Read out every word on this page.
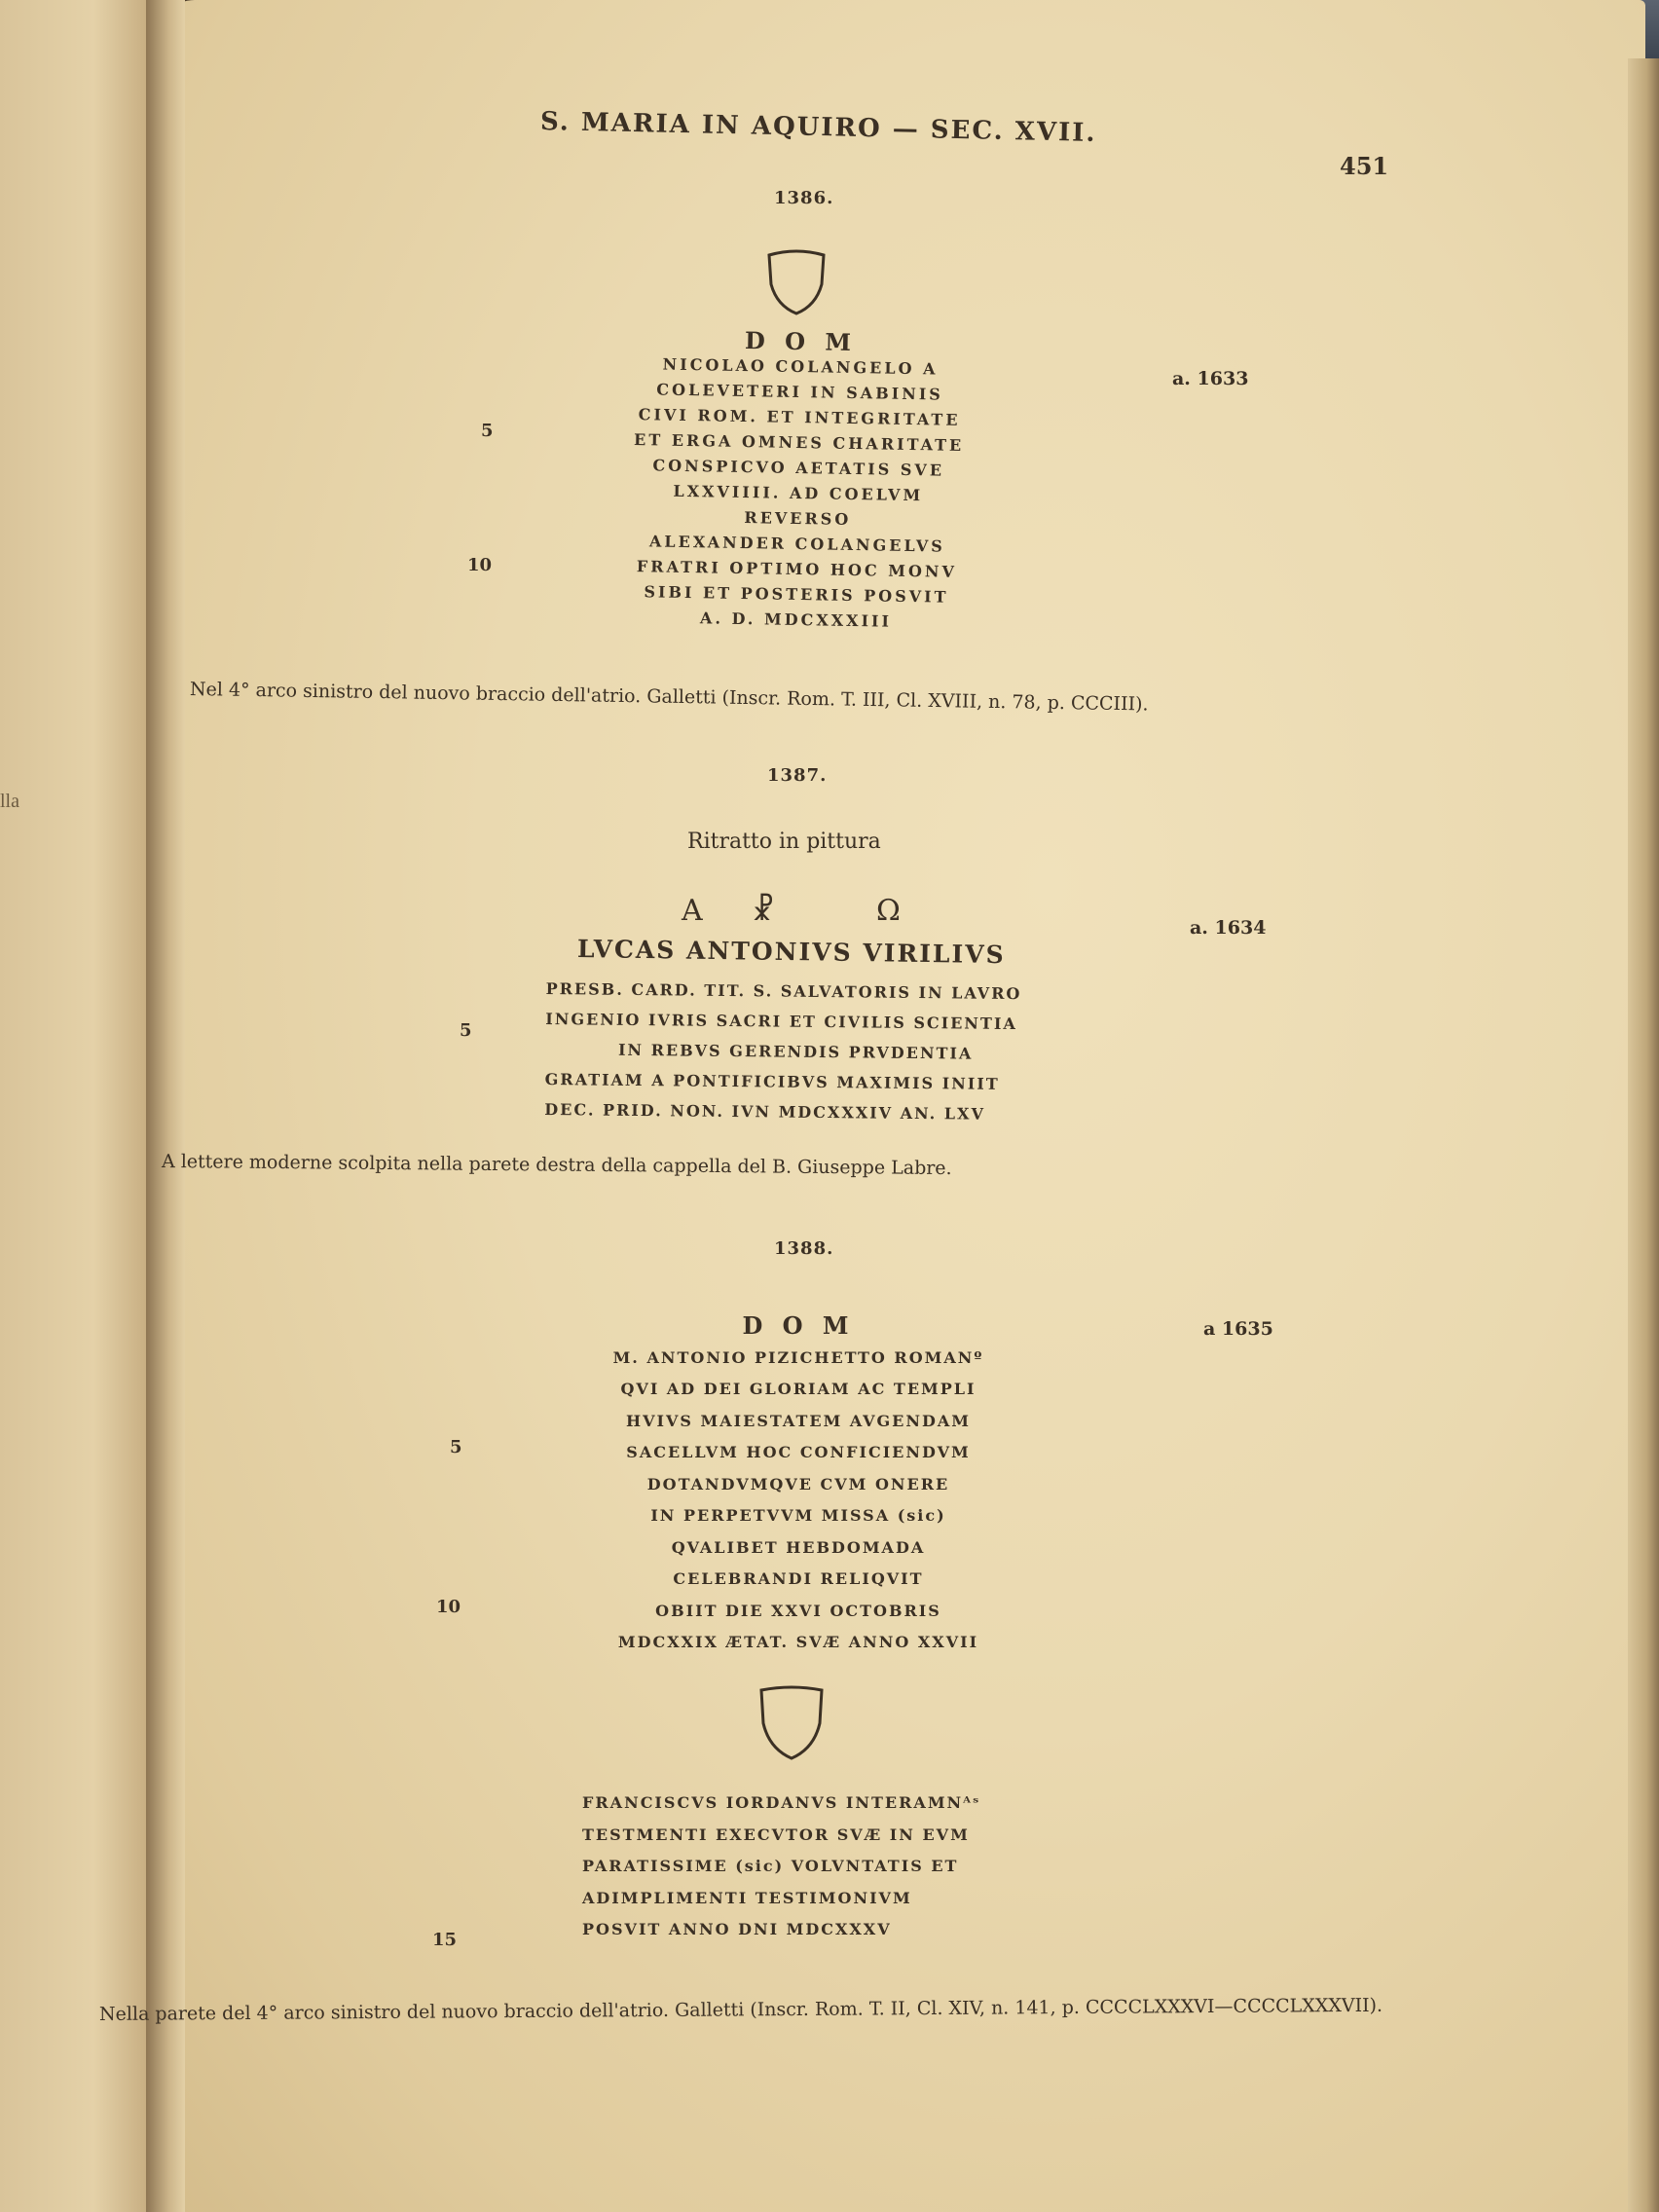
lla
S. MARIA IN AQUIRO — SEC. XVII.
451
1386.
a. 1633
5
10
D O M
NICOLAO COLANGELO A
COLEVETERI IN SABINIS
CIVI ROM. ET INTEGRITATE
ET ERGA OMNES CHARITATE
CONSPICVO AETATIS SVE
LXXVIIII. AD COELVM
REVERSO
ALEXANDER COLANGELVS
FRATRI OPTIMO HOC MONV
SIBI ET POSTERIS POSVIT
A. D. MDCXXXIII
Nel 4° arco sinistro del nuovo braccio dell'atrio. Galletti (Inscr. Rom. T. III, Cl. XVIII, n. 78, p. CCCIII).
1387.
Ritratto in pittura
Α ☧	Ω	a. 1634
LVCAS ANTONIVS VIRILIVS
5
PRESB. CARD. TIT. S. SALVATORIS IN LAVRO
INGENIO IVRIS SACRI ET CIVILIS SCIENTIA
IN REBVS GERENDIS PRVDENTIA
GRATIAM A PONTIFICIBVS MAXIMIS INIIT
DEC. PRID. NON. IVN MDCXXXIV AN. LXV
A lettere moderne scolpita nella parete destra della cappella del B. Giuseppe Labre.
1388.
a 1635
5
10
15
D O M
M. ANTONIO PIZICHETTO ROMANº
QVI AD DEI GLORIAM AC TEMPLI
HVIVS MAIESTATEM AVGENDAM
SACELLVM HOC CONFICIENDVM
DOTANDVMQVE CVM ONERE
IN PERPETVVM MISSA (sic)
QVALIBET HEBDOMADA
CELEBRANDI RELIQVIT
OBIIT DIE XXVI OCTOBRIS
MDCXXIX ÆTAT. SVÆ ANNO XXVII
FRANCISCVS IORDANVS INTERAMNᴬˢ
TESTMENTI EXECVTOR SVÆ IN EVM
PARATISSIME (sic) VOLVNTATIS ET
ADIMPLIMENTI TESTIMONIVM
POSVIT ANNO DNI MDCXXXV
Nella parete del 4° arco sinistro del nuovo braccio dell'atrio. Galletti (Inscr. Rom. T. II, Cl. XIV, n. 141, p. CCCCLXXXVI—CCCCLXXXVII).
